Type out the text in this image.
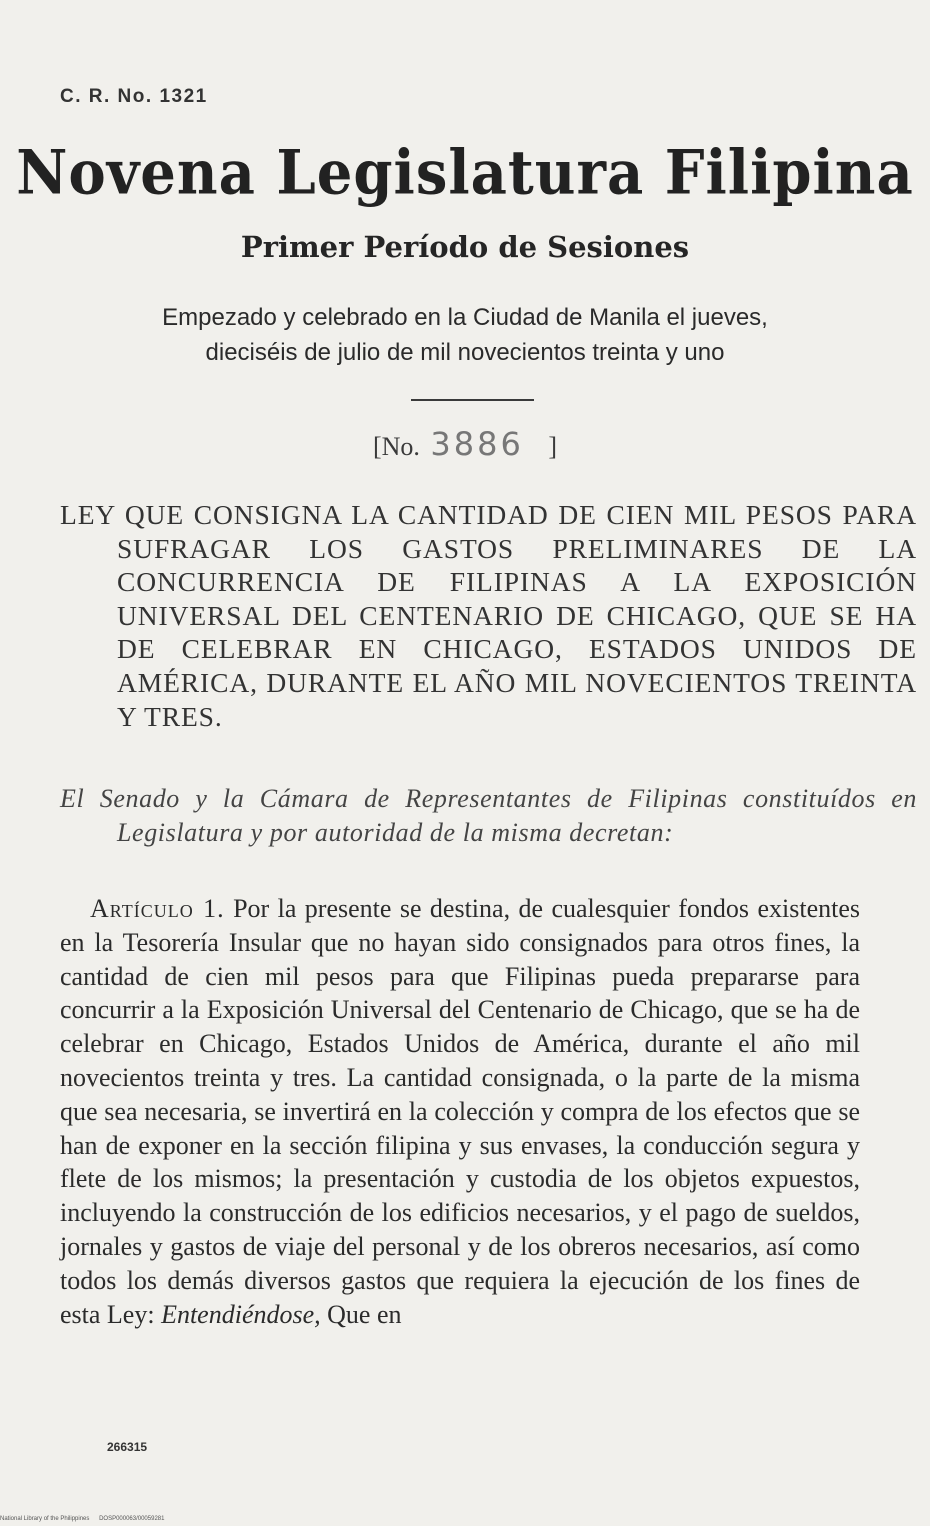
C. R. No. 1321
Novena Legislatura Filipina
Primer Período de Sesiones
Empezado y celebrado en la Ciudad de Manila el jueves,
dieciséis de julio de mil novecientos treinta y uno
[No. 3886 ]
LEY QUE CONSIGNA LA CANTIDAD DE CIEN MIL PESOS PARA SUFRAGAR LOS GASTOS PRELIMINARES DE LA CONCURRENCIA DE FILIPINAS A LA EXPOSICIÓN UNIVERSAL DEL CENTENARIO DE CHICAGO, QUE SE HA DE CELEBRAR EN CHICAGO, ESTADOS UNIDOS DE AMÉRICA, DURANTE EL AÑO MIL NOVECIENTOS TREINTA Y TRES.
El Senado y la Cámara de Representantes de Filipinas constituídos en Legislatura y por autoridad de la misma decretan:
Artículo 1. Por la presente se destina, de cualesquier fondos existentes en la Tesorería Insular que no hayan sido consignados para otros fines, la cantidad de cien mil pesos para que Filipinas pueda prepararse para concurrir a la Exposición Universal del Centenario de Chicago, que se ha de celebrar en Chicago, Estados Unidos de América, durante el año mil novecientos treinta y tres. La cantidad consignada, o la parte de la misma que sea necesaria, se invertirá en la colección y compra de los efectos que se han de exponer en la sección filipina y sus envases, la conducción segura y flete de los mismos; la presentación y custodia de los objetos expuestos, incluyendo la construcción de los edificios necesarios, y el pago de sueldos, jornales y gastos de viaje del personal y de los obreros necesarios, así como todos los demás diversos gastos que requiera la ejecución de los fines de esta Ley: Entendiéndose, Que en
266315
National Library of the Philippines DOSP000063/00059281
